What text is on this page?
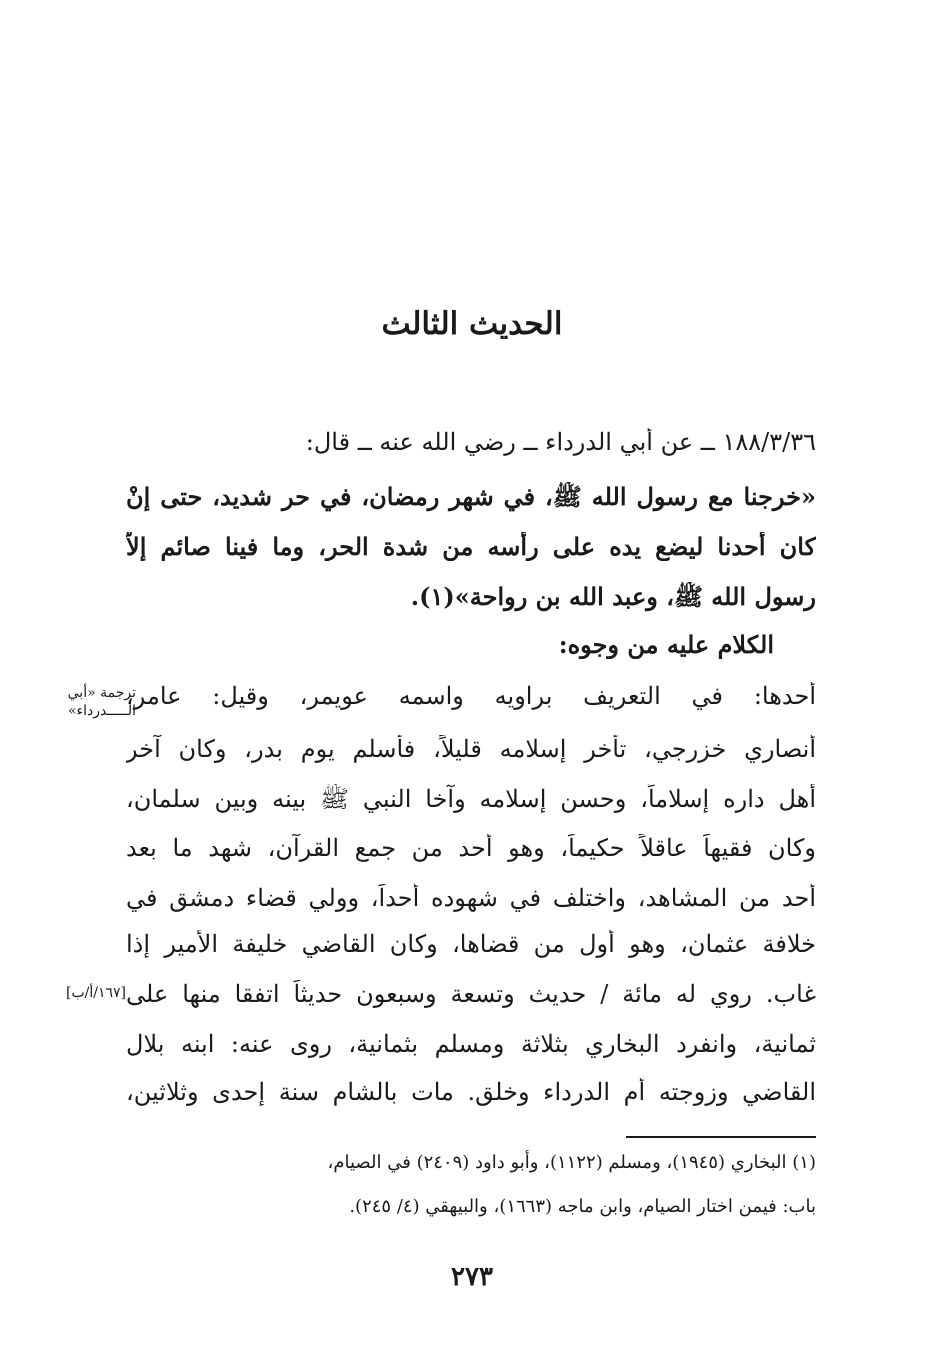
الحديث الثالث
١٨٨/٣/٣٦ ــ عن أبي الدرداء ــ رضي الله عنه ــ قال:
«خرجنا مع رسول الله ﷺ، في شهر رمضان، في حر شديد، حتى إنْ
كان أحدنا ليضع يده على رأسه من شدة الحر، وما فينا صائم إلاَّ
رسول الله ﷺ، وعبد الله بن رواحة»(١).
الكلام عليه من وجوه:
أحدها: في التعريف براويه واسمه عويمر، وقيل: عامر،
أنصاري خزرجي، تأخر إسلامه قليلاً، فأسلم يوم بدر، وكان آخر
أهل داره إسلاماً، وحسن إسلامه وآخا النبي ﷺ بينه وبين سلمان،
وكان فقيهاً عاقلاً حكيماً، وهو أحد من جمع القرآن، شهد ما بعد
أحد من المشاهد، واختلف في شهوده أحداً، وولي قضاء دمشق في
خلافة عثمان، وهو أول من قضاها، وكان القاضي خليفة الأمير إذا
غاب. روي له مائة / حديث وتسعة وسبعون حديثاً اتفقا منها على
ثمانية، وانفرد البخاري بثلاثة ومسلم بثمانية، روى عنه: ابنه بلال
القاضي وزوجته أم الدرداء وخلق. مات بالشام سنة إحدى وثلاثين،
ترجمة «أبي
الـــــدرداء»
[١٦٧/أ/ب]
(١) البخاري (١٩٤٥)، ومسلم (١١٢٢)، وأبو داود (٢٤٠٩) في الصيام،
باب: فيمن اختار الصيام، وابن ماجه (١٦٦٣)، والبيهقي (٤/ ٢٤٥).
٢٧٣
